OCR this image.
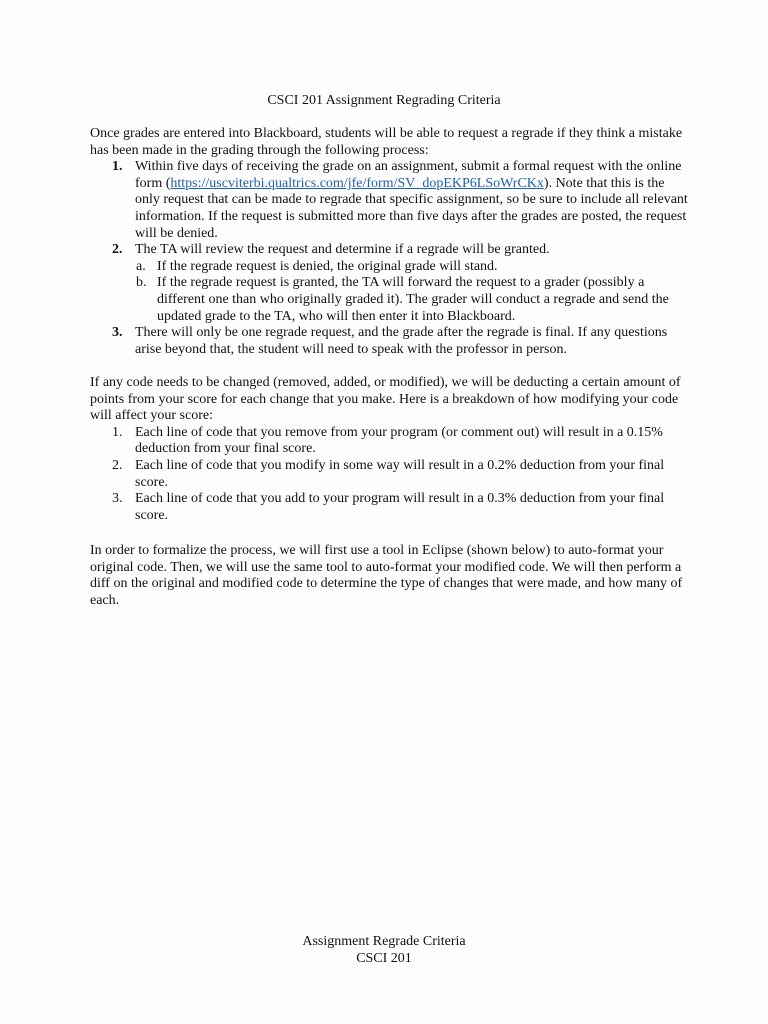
CSCI 201 Assignment Regrading Criteria
Once grades are entered into Blackboard, students will be able to request a regrade if they think a mistake has been made in the grading through the following process:
1. Within five days of receiving the grade on an assignment, submit a formal request with the online form (https://uscviterbi.qualtrics.com/jfe/form/SV_dopEKP6LSoWrCKx). Note that this is the only request that can be made to regrade that specific assignment, so be sure to include all relevant information. If the request is submitted more than five days after the grades are posted, the request will be denied.
2. The TA will review the request and determine if a regrade will be granted.
a. If the regrade request is denied, the original grade will stand.
b. If the regrade request is granted, the TA will forward the request to a grader (possibly a different one than who originally graded it). The grader will conduct a regrade and send the updated grade to the TA, who will then enter it into Blackboard.
3. There will only be one regrade request, and the grade after the regrade is final. If any questions arise beyond that, the student will need to speak with the professor in person.
If any code needs to be changed (removed, added, or modified), we will be deducting a certain amount of points from your score for each change that you make. Here is a breakdown of how modifying your code will affect your score:
1. Each line of code that you remove from your program (or comment out) will result in a 0.15% deduction from your final score.
2. Each line of code that you modify in some way will result in a 0.2% deduction from your final score.
3. Each line of code that you add to your program will result in a 0.3% deduction from your final score.
In order to formalize the process, we will first use a tool in Eclipse (shown below) to auto-format your original code. Then, we will use the same tool to auto-format your modified code. We will then perform a diff on the original and modified code to determine the type of changes that were made, and how many of each.
Assignment Regrade Criteria
CSCI 201
